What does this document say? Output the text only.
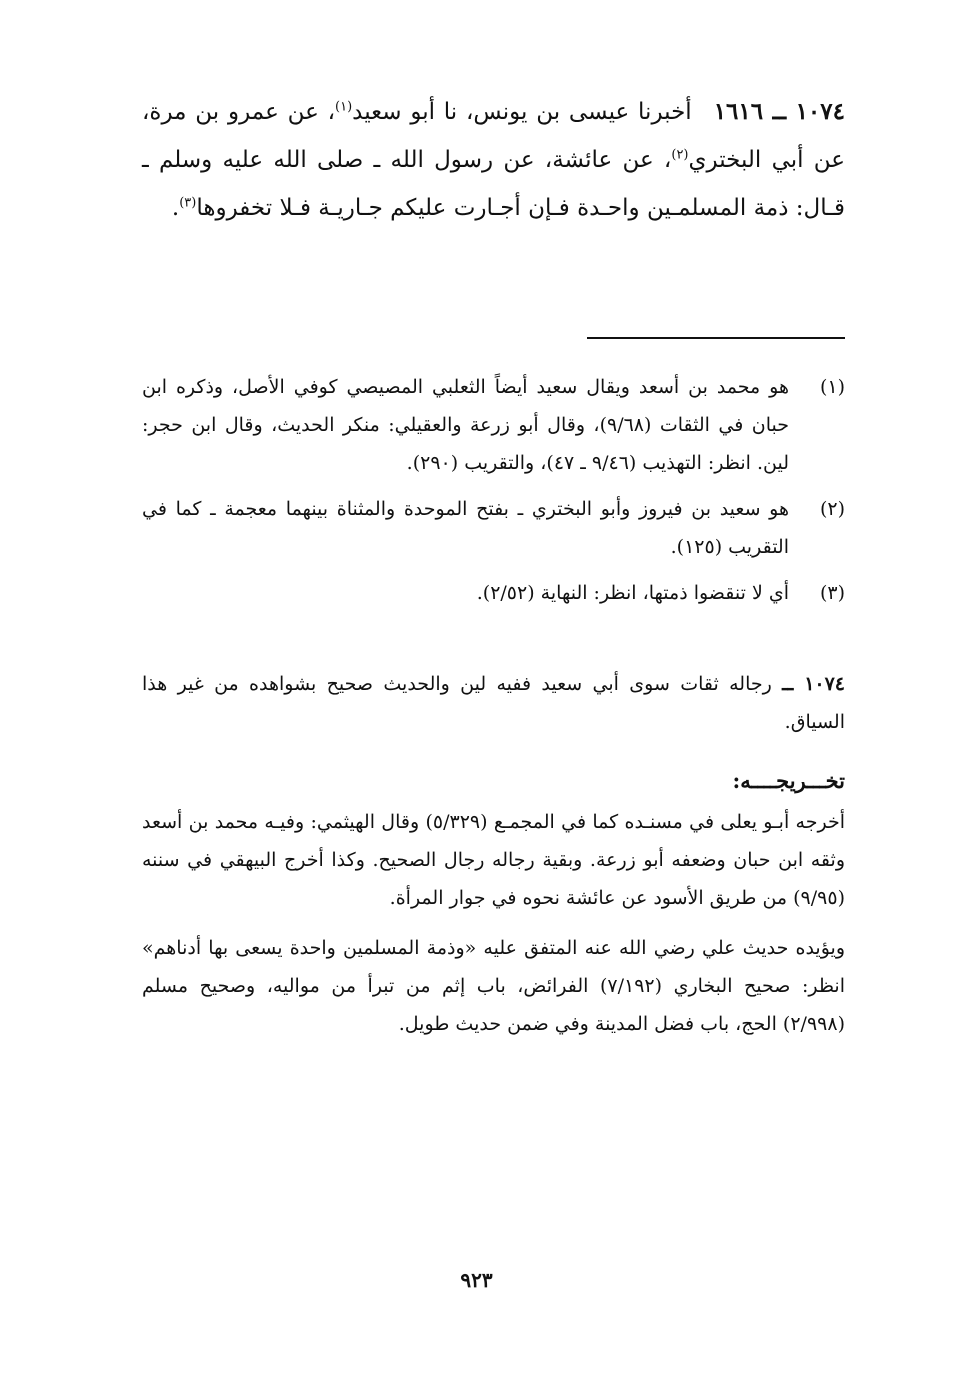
١٠٧٤ ــ ١٦١٦أخبرنا عيسى بن يونس، نا أبو سعيد$^{(١)}$، عن عمرو بن مرة، عن أبي البختري$^{(٢)}$، عن عائشة، عن رسول الله ـ صلى الله عليه وسلم ـ قـال: ذمة المسلمـين واحـدة فـإن أجـارت عليكم جـاريـة فـلا تخفروها$^{(٣)}$.

(١)
هو محمد بن أسعد ويقال سعيد أيضاً الثعلبي المصيصي كوفي الأصل، وذكره ابن حبان في الثقات (٩/٦٨)، وقال أبو زرعة والعقيلي: منكر الحديث، وقال ابن حجر: لين. انظر: التهذيب (٩/٤٦ ـ ٤٧)، والتقريب (٢٩٠).
(٢)
هو سعيد بن فيروز وأبو البختري ـ بفتح الموحدة والمثناة بينهما معجمة ـ كما في التقريب (١٢٥).
(٣)
أي لا تنقضوا ذمتها، انظر: النهاية (٢/٥٢).

١٠٧٤ ــ رجاله ثقات سوى أبي سعيد ففيه لين والحديث صحيح بشواهده من غير هذا السياق.

تخـــريجــــه:

أخرجه أبـو يعلى في مسنـده كما في المجمـع (٥/٣٢٩) وقال الهيثمي: وفيـه محمد بن أسعد وثقه ابن حبان وضعفه أبو زرعة. وبقية رجاله رجال الصحيح. وكذا أخرج البيهقي في سننه (٩/٩٥) من طريق الأسود عن عائشة نحوه في جوار المرأة.

ويؤيده حديث علي رضي الله عنه المتفق عليه «وذمة المسلمين واحدة يسعى بها أدناهم» انظر: صحيح البخاري (٧/١٩٢) الفرائض، باب إثم من تبرأ من مواليه، وصحيح مسلم (٢/٩٩٨) الحج، باب فضل المدينة وفي ضمن حديث طويل.

٩٢٣
